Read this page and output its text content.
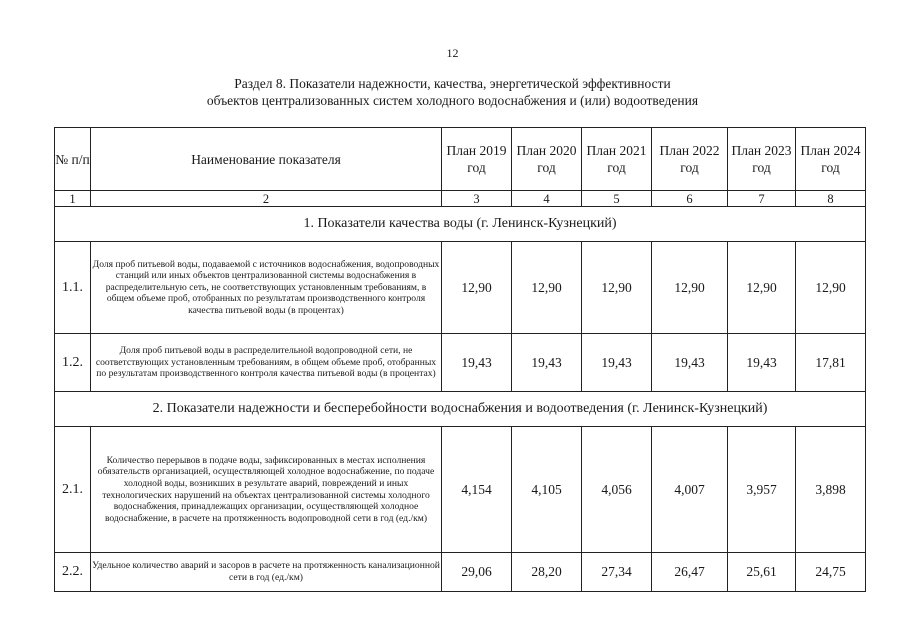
12
Раздел 8. Показатели надежности, качества, энергетической эффективности
объектов централизованных систем холодного водоснабжения и (или) водоотведения
№ п/п	Наименование показателя	План 2019 год	План 2020 год	План 2021 год	План 2022 год	План 2023 год	План 2024 год
1	2	3	4	5	6	7	8
1. Показатели качества воды (г. Ленинск-Кузнецкий)							
1.1.	Доля проб питьевой воды, подаваемой с источников водоснабжения, водопроводных станций или иных объектов централизованной системы водоснабжения в распределительную сеть, не соответствующих установленным требованиям, в общем объеме проб, отобранных по результатам производственного контроля качества питьевой воды (в процентах)	12,90	12,90	12,90	12,90	12,90	12,90
1.2.	Доля проб питьевой воды в распределительной водопроводной сети, не соответствующих установленным требованиям, в общем объеме проб, отобранных по результатам производственного контроля качества питьевой воды (в процентах)	19,43	19,43	19,43	19,43	19,43	17,81
2. Показатели надежности и бесперебойности водоснабжения и водоотведения (г. Ленинск-Кузнецкий)							
2.1.	Количество перерывов в подаче воды, зафиксированных в местах исполнения обязательств организацией, осуществляющей холодное водоснабжение, по подаче холодной воды, возникших в результате аварий, повреждений и иных технологических нарушений на объектах централизованной системы холодного водоснабжения, принадлежащих организации, осуществляющей холодное водоснабжение, в расчете на протяженность водопроводной сети в год (ед./км)	4,154	4,105	4,056	4,007	3,957	3,898
2.2.	Удельное количество аварий и засоров в расчете на протяженность канализационной сети в год (ед./км)	29,06	28,20	27,34	26,47	25,61	24,75
